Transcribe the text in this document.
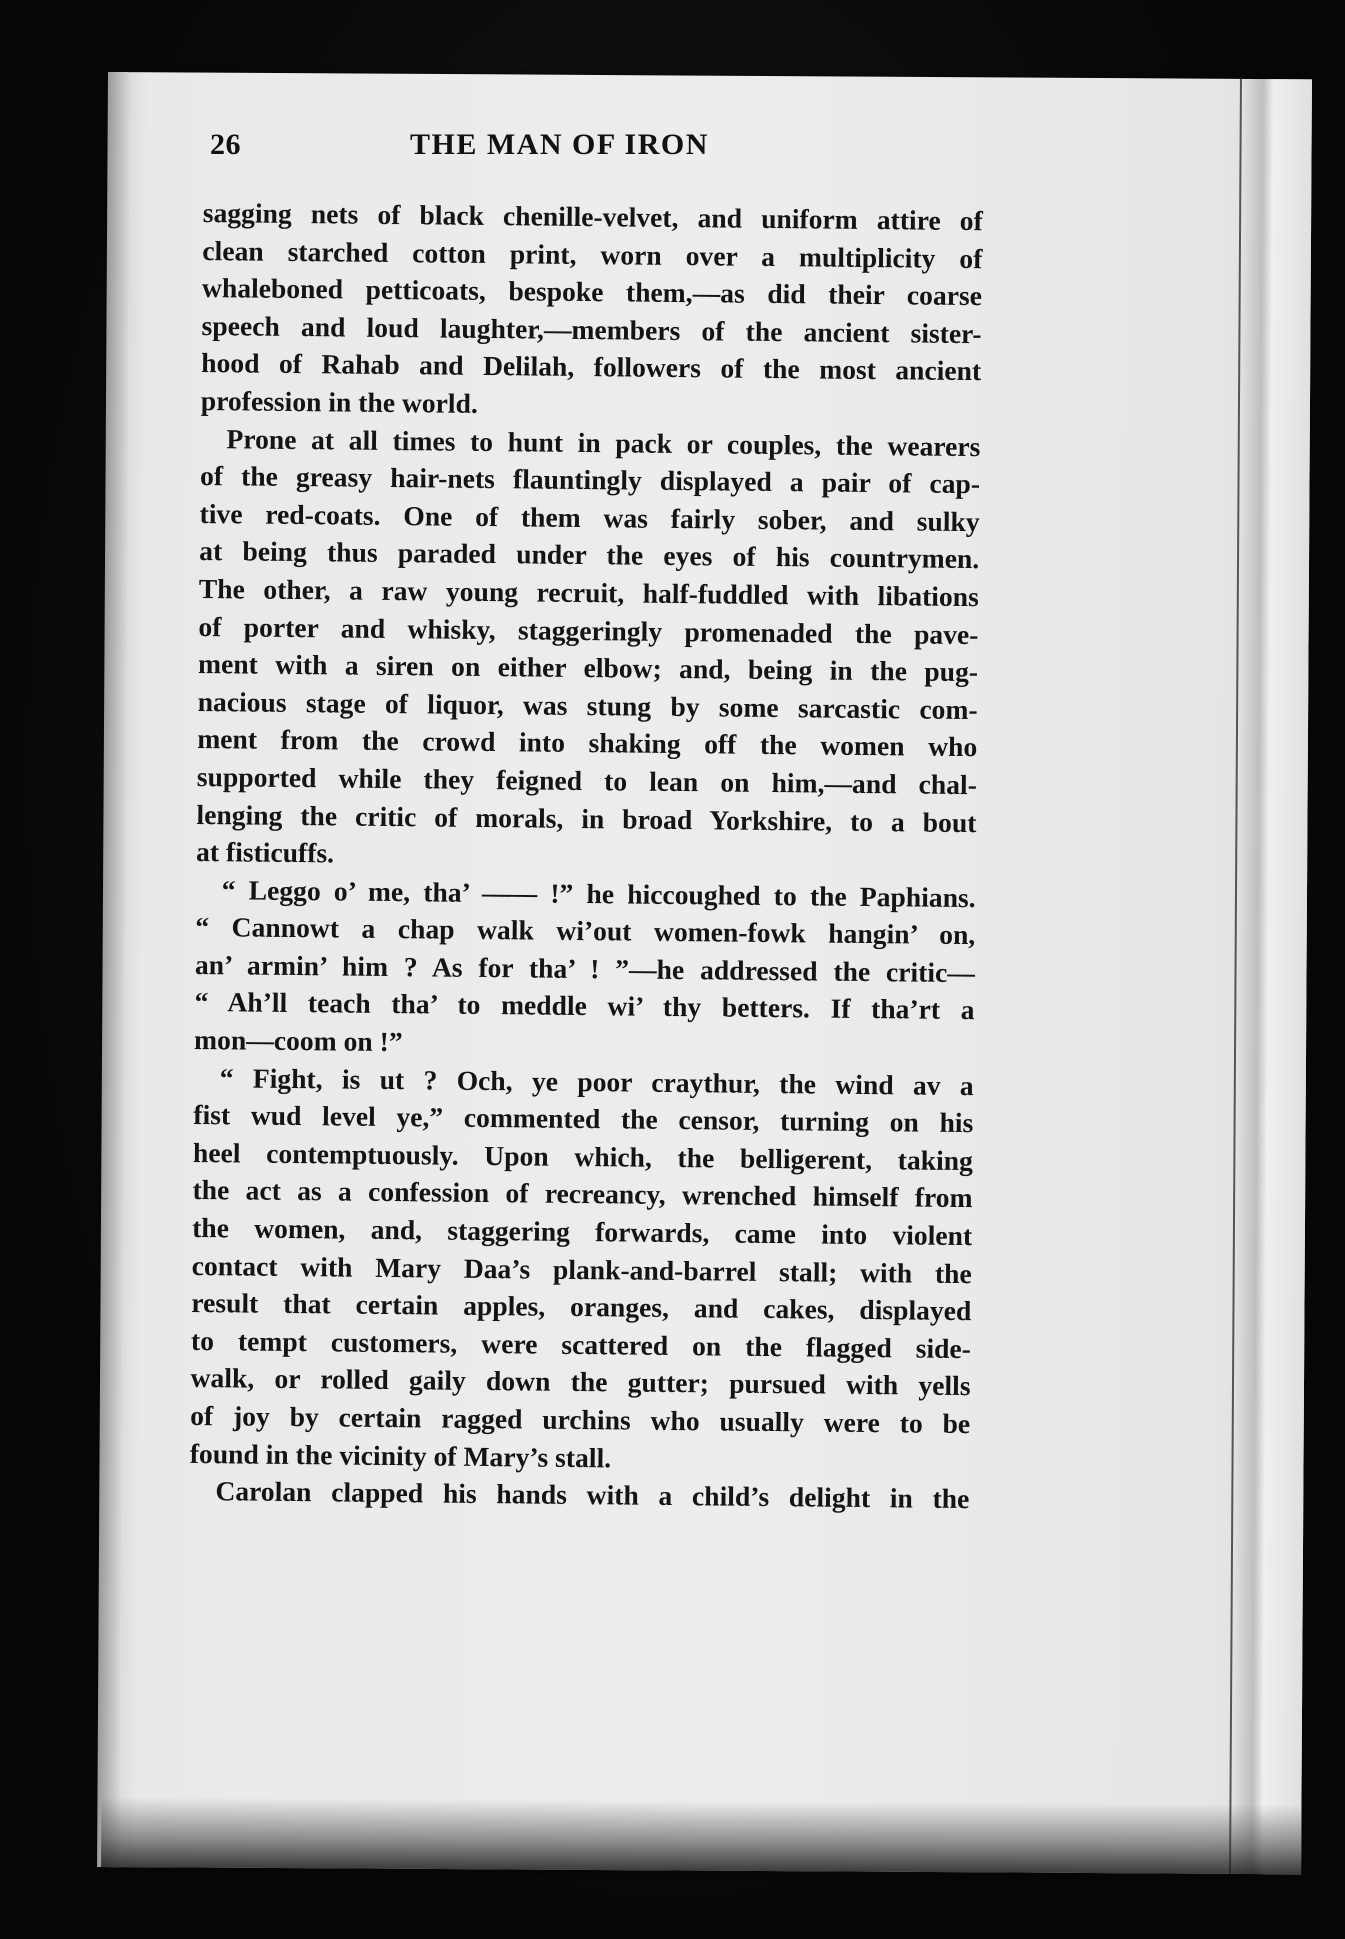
26	THE MAN OF IRON
sagging nets of black chenille-velvet, and uniform attire of
clean starched cotton print, worn over a multiplicity of
whaleboned petticoats, bespoke them,—as did their coarse
speech and loud laughter,—members of the ancient sister-
hood of Rahab and Delilah, followers of the most ancient
profession in the world.
Prone at all times to hunt in pack or couples, the wearers
of the greasy hair-nets flauntingly displayed a pair of cap-
tive red-coats. One of them was fairly sober, and sulky
at being thus paraded under the eyes of his countrymen.
The other, a raw young recruit, half-fuddled with libations
of porter and whisky, staggeringly promenaded the pave-
ment with a siren on either elbow; and, being in the pug-
nacious stage of liquor, was stung by some sarcastic com-
ment from the crowd into shaking off the women who
supported while they feigned to lean on him,—and chal-
lenging the critic of morals, in broad Yorkshire, to a bout
at fisticuffs.
“ Leggo o’ me, tha’ —— !” he hiccoughed to the Paphians.
“ Cannowt a chap walk wi’out women-fowk hangin’ on,
an’ armin’ him ? As for tha’ ! ”—he addressed the critic—
“ Ah’ll teach tha’ to meddle wi’ thy betters. If tha’rt a
mon—coom on !”
“ Fight, is ut ? Och, ye poor craythur, the wind av a
fist wud level ye,” commented the censor, turning on his
heel contemptuously. Upon which, the belligerent, taking
the act as a confession of recreancy, wrenched himself from
the women, and, staggering forwards, came into violent
contact with Mary Daa’s plank-and-barrel stall; with the
result that certain apples, oranges, and cakes, displayed
to tempt customers, were scattered on the flagged side-
walk, or rolled gaily down the gutter; pursued with yells
of joy by certain ragged urchins who usually were to be
found in the vicinity of Mary’s stall.
Carolan clapped his hands with a child’s delight in the
